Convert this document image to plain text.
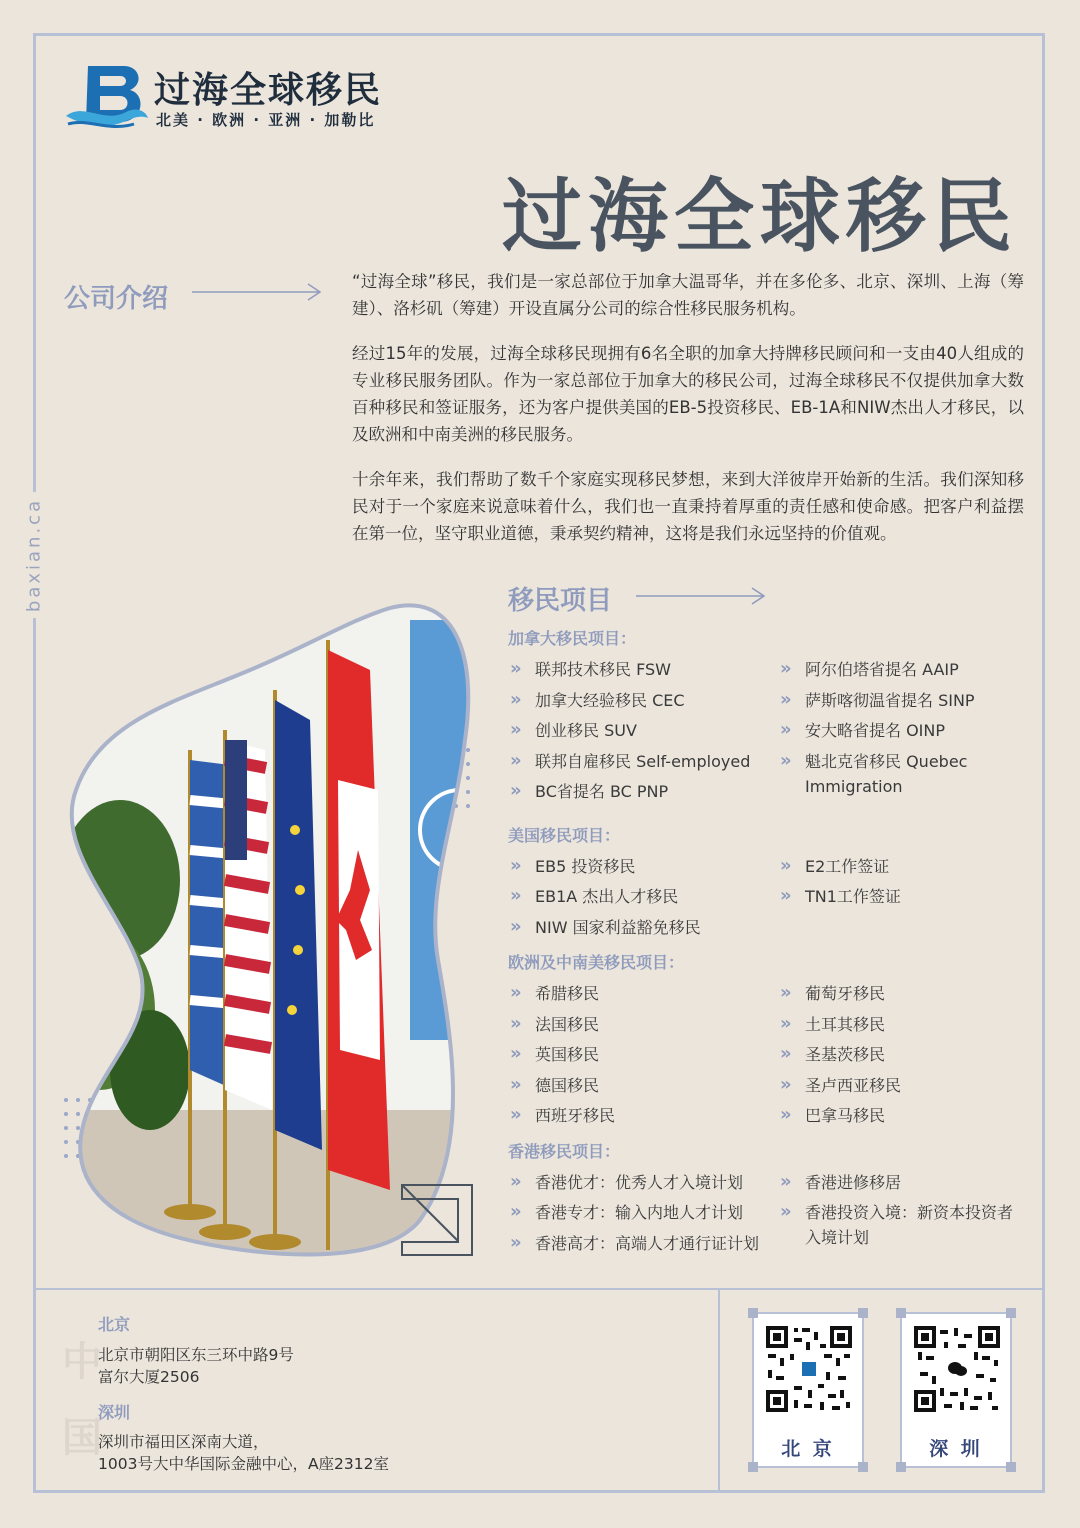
baxian.ca
过海全球移民
北美 · 欧洲 · 亚洲 · 加勒比
过海全球移民
公司介绍

“过海全球”移民，我们是一家总部位于加拿大温哥华，并在多伦多、北京、深圳、上海（筹建）、洛杉矶（筹建）开设直属分公司的综合性移民服务机构。

经过15年的发展，过海全球移民现拥有6名全职的加拿大持牌移民顾问和一支由40人组成的专业移民服务团队。作为一家总部位于加拿大的移民公司，过海全球移民不仅提供加拿大数百种移民和签证服务，还为客户提供美国的EB-5投资移民、EB-1A和NIW杰出人才移民，以及欧洲和中南美洲的移民服务。

十余年来，我们帮助了数千个家庭实现移民梦想，来到大洋彼岸开始新的生活。我们深知移民对于一个家庭来说意味着什么，我们也一直秉持着厚重的责任感和使命感。把客户利益摆在第一位，坚守职业道德，秉承契约精神，这将是我们永远坚持的价值观。

移民项目
加拿大移民项目：
» 联邦技术移民 FSW	» 阿尔伯塔省提名 AAIP
» 加拿大经验移民 CEC	» 萨斯喀彻温省提名 SINP
» 创业移民 SUV	» 安大略省提名 OINP
» 联邦自雇移民 Self-employed	» 魁北克省移民 Quebec Immigration
» BC省提名 BC PNP
美国移民项目：
» EB5 投资移民	» E2工作签证
» EB1A 杰出人才移民	» TN1工作签证
» NIW 国家利益豁免移民
欧洲及中南美移民项目：
» 希腊移民	» 葡萄牙移民
» 法国移民	» 土耳其移民
» 英国移民	» 圣基茨移民
» 德国移民	» 圣卢西亚移民
» 西班牙移民	» 巴拿马移民
香港移民项目：
» 香港优才：优秀人才入境计划	» 香港进修移居
» 香港专才：输入内地人才计划	» 香港投资入境：新资本投资者入境计划
» 香港高才：高端人才通行证计划
中
国
北京
北京市朝阳区东三环中路9号
富尔大厦2506
深圳
深圳市福田区深南大道，
1003号大中华国际金融中心，A座2312室
北 京	深 圳
